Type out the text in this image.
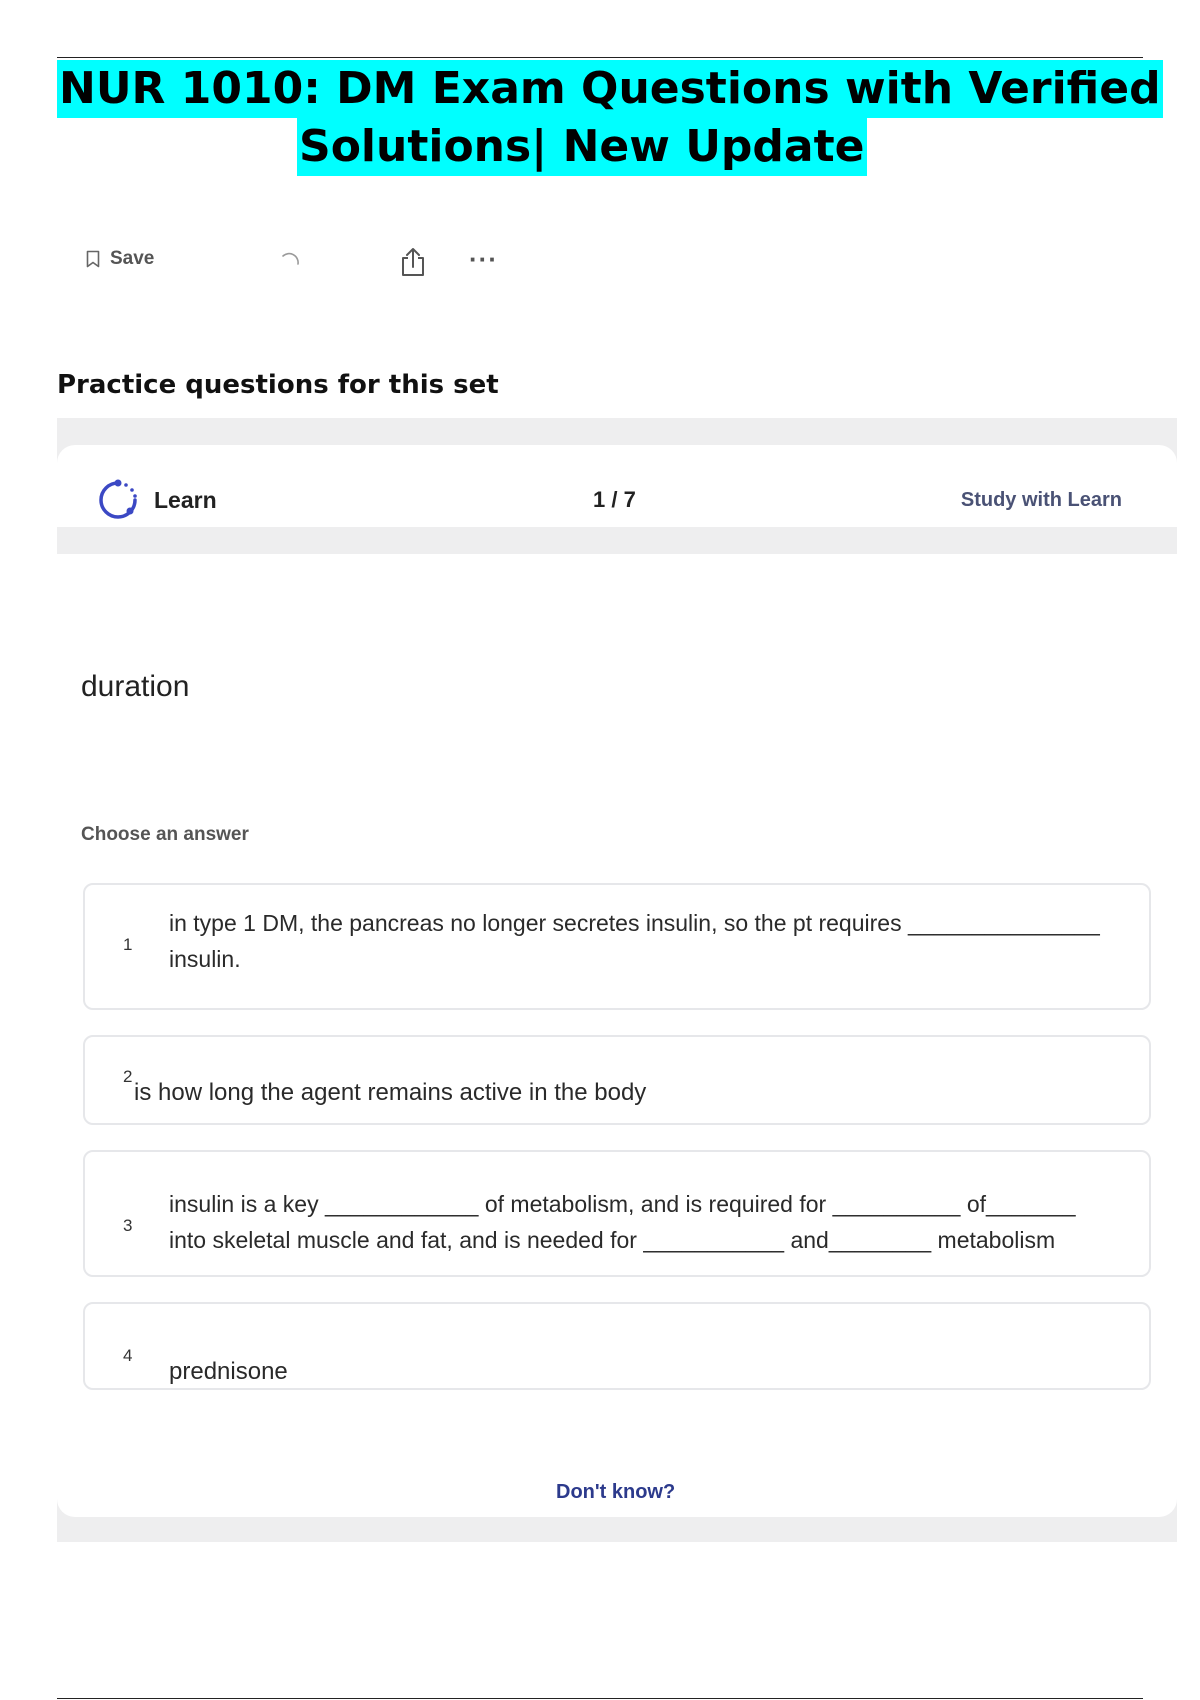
NUR 1010: DM Exam Questions with Verified
Solutions| New Update
Save	···
Practice questions for this set
Learn	1 / 7	Study with Learn
duration
Choose an answer
1
in type 1 DM, the pancreas no longer secretes insulin, so the pt requires _______________ insulin.
2
is how long the agent remains active in the body
3
insulin is a key ____________ of metabolism, and is required for __________ of_______ into skeletal muscle and fat, and is needed for ___________ and________ metabolism
4
prednisone
Don't know?
